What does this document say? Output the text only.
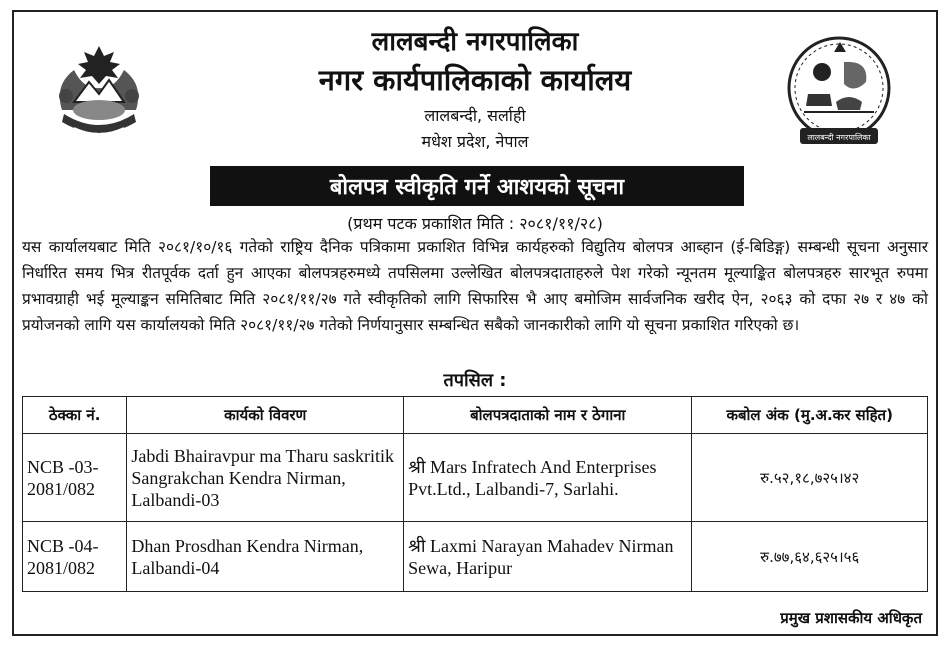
लालबन्दी नगरपालिका
नगर कार्यपालिकाको कार्यालय
लालबन्दी, सर्लाही
मधेश प्रदेश, नेपाल	लालबन्दी नगरपालिका
बोलपत्र स्वीकृति गर्ने आशयको सूचना
(प्रथम पटक प्रकाशित मिति : २०८१/११/२८)
यस कार्यालयबाट मिति २०८१/१०/१६ गतेको राष्ट्रिय दैनिक पत्रिकामा प्रकाशित विभिन्न कार्यहरुको विद्युतिय बोलपत्र आब्हान (ई-बिडिङ्ग) सम्बन्धी सूचना अनुसार निर्धारित समय भित्र रीतपूर्वक दर्ता हुन आएका बोलपत्रहरुमध्ये तपसिलमा उल्लेखित बोलपत्रदाताहरुले पेश गरेको न्यूनतम मूल्याङ्कित बोलपत्रहरु सारभूत रुपमा प्रभावग्राही भई मूल्याङ्कन समितिबाट मिति २०८१/११/२७ गते स्वीकृतिको लागि सिफारिस भै आए बमोजिम सार्वजनिक खरीद ऐन, २०६३ को दफा २७ र ४७ को प्रयोजनको लागि यस कार्यालयको मिति २०८१/११/२७ गतेको निर्णयानुसार सम्बन्धित सबैको जानकारीको लागि यो सूचना प्रकाशित गरिएको छ।
तपसिल :
ठेक्का नं.	कार्यको विवरण	बोलपत्रदाताको नाम र ठेगाना	कबोल अंक (मु.अ.कर सहित)
NCB -03-2081/082	Jabdi Bhairavpur ma Tharu saskritik Sangrakchan Kendra Nirman, Lalbandi-03	श्री Mars Infratech And Enterprises Pvt.Ltd., Lalbandi-7, Sarlahi.	रु.५२,१८,७२५।४२
NCB -04-2081/082	Dhan Prosdhan Kendra Nirman, Lalbandi-04	श्री Laxmi Narayan Mahadev Nirman Sewa, Haripur	रु.७७,६४,६२५।५६
प्रमुख प्रशासकीय अधिकृत
